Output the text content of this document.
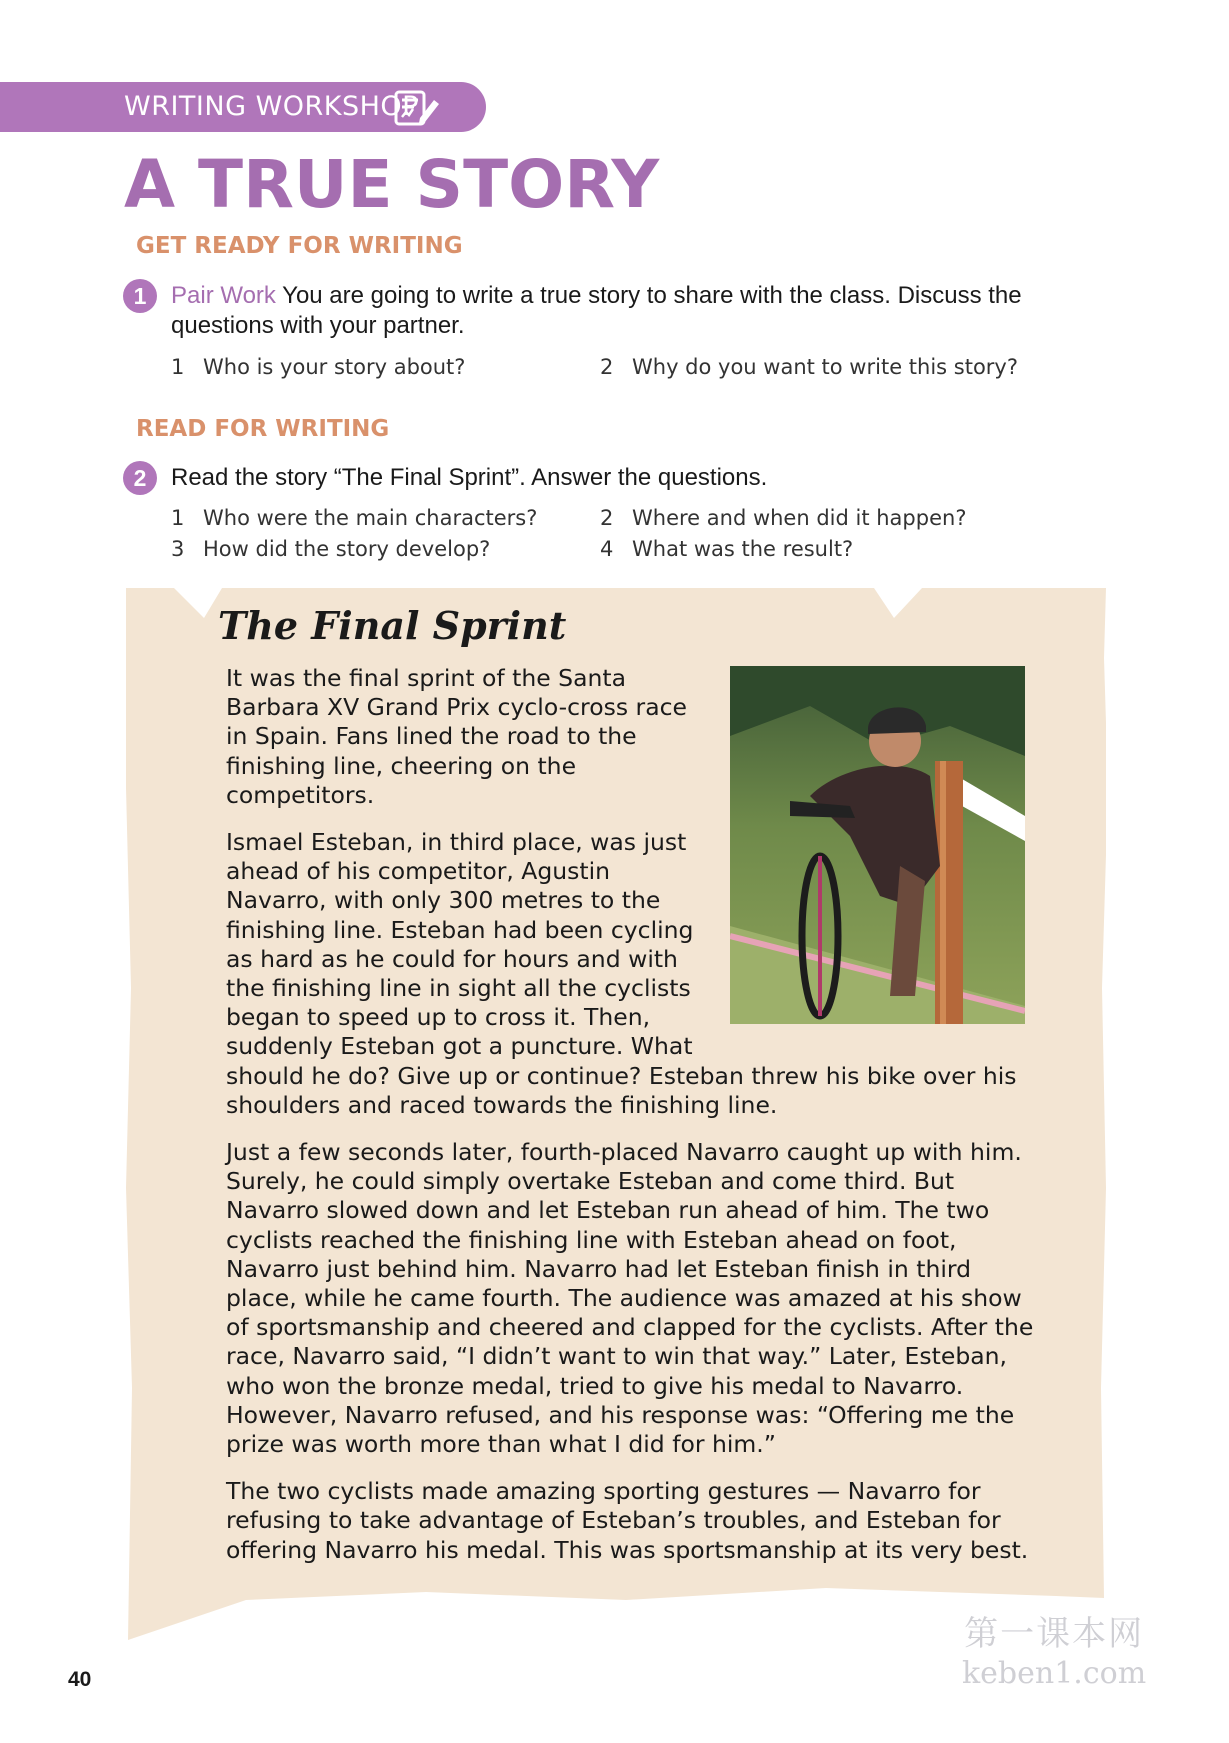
WRITING WORKSHOP
A TRUE STORY
GET READY FOR WRITING
1	Pair Work You are going to write a true story to share with the class. Discuss the questions with your partner.

1 Who is your story about?	2 Why do you want to write this story?
READ FOR WRITING
2	Read the story “The Final Sprint”. Answer the questions.

1 Who were the main characters?	2 Where and when did it happen?
3 How did the story develop?	4 What was the result?
The Final Sprint

It was the final sprint of the Santa Barbara XV Grand Prix cyclo-cross race in Spain. Fans lined the road to the finishing line, cheering on the competitors.

Ismael Esteban, in third place, was just ahead of his competitor, Agustin Navarro, with only 300 metres to the finishing line. Esteban had been cycling as hard as he could for hours and with the finishing line in sight all the cyclists began to speed up to cross it. Then, suddenly Esteban got a puncture. What

should he do? Give up or continue? Esteban threw his bike over his shoulders and raced towards the finishing line.

Just a few seconds later, fourth-placed Navarro caught up with him. Surely, he could simply overtake Esteban and come third. But Navarro slowed down and let Esteban run ahead of him. The two cyclists reached the finishing line with Esteban ahead on foot, Navarro just behind him. Navarro had let Esteban finish in third place, while he came fourth. The audience was amazed at his show of sportsmanship and cheered and clapped for the cyclists. After the race, Navarro said, “I didn’t want to win that way.” Later, Esteban, who won the bronze medal, tried to give his medal to Navarro. However, Navarro refused, and his response was: “Offering me the prize was worth more than what I did for him.”

The two cyclists made amazing sporting gestures — Navarro for refusing to take advantage of Esteban’s troubles, and Esteban for offering Navarro his medal. This was sportsmanship at its very best.

40
第一课本网
keben1.com
